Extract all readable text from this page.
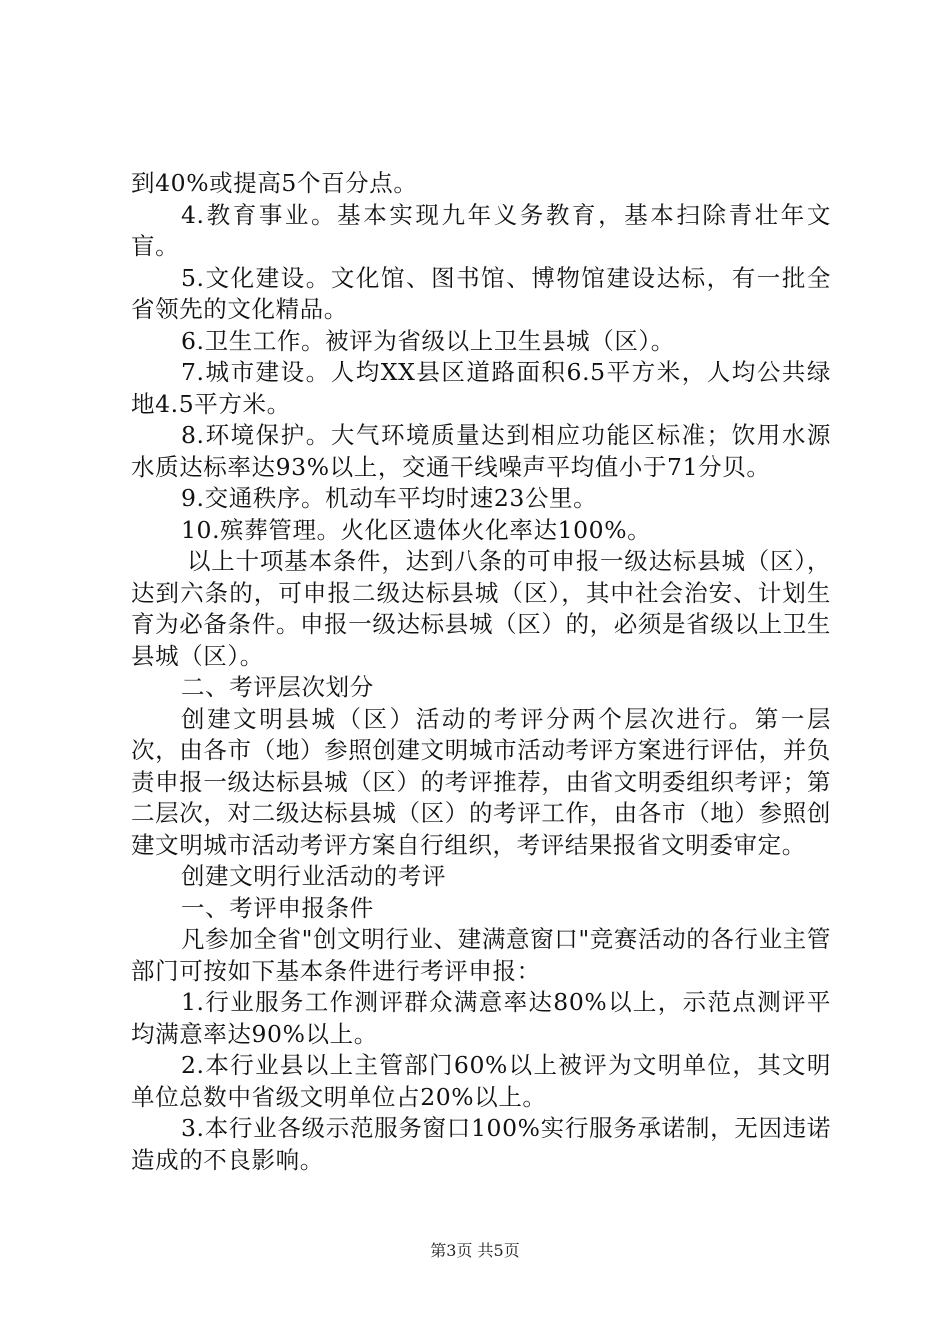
到40%或提高5个百分点。

4.教育事业。基本实现九年义务教育，基本扫除青壮年文盲。

5.文化建设。文化馆、图书馆、博物馆建设达标，有一批全省领先的文化精品。

6.卫生工作。被评为省级以上卫生县城（区）。

7.城市建设。人均XX县区道路面积6.5平方米，人均公共绿地4.5平方米。

8.环境保护。大气环境质量达到相应功能区标准；饮用水源水质达标率达93%以上，交通干线噪声平均值小于71分贝。

9.交通秩序。机动车平均时速23公里。

10.殡葬管理。火化区遗体火化率达100%。

以上十项基本条件，达到八条的可申报一级达标县城（区），达到六条的，可申报二级达标县城（区），其中社会治安、计划生育为必备条件。申报一级达标县城（区）的，必须是省级以上卫生县城（区）。

二、考评层次划分

创建文明县城（区）活动的考评分两个层次进行。第一层次，由各市（地）参照创建文明城市活动考评方案进行评估，并负责申报一级达标县城（区）的考评推荐，由省文明委组织考评；第二层次，对二级达标县城（区）的考评工作，由各市（地）参照创建文明城市活动考评方案自行组织，考评结果报省文明委审定。

创建文明行业活动的考评

一、考评申报条件

凡参加全省"创文明行业、建满意窗口"竞赛活动的各行业主管部门可按如下基本条件进行考评申报：

1.行业服务工作测评群众满意率达80%以上，示范点测评平均满意率达90%以上。

2.本行业县以上主管部门60%以上被评为文明单位，其文明单位总数中省级文明单位占20%以上。

3.本行业各级示范服务窗口100%实行服务承诺制，无因违诺造成的不良影响。

第3页 共5页
